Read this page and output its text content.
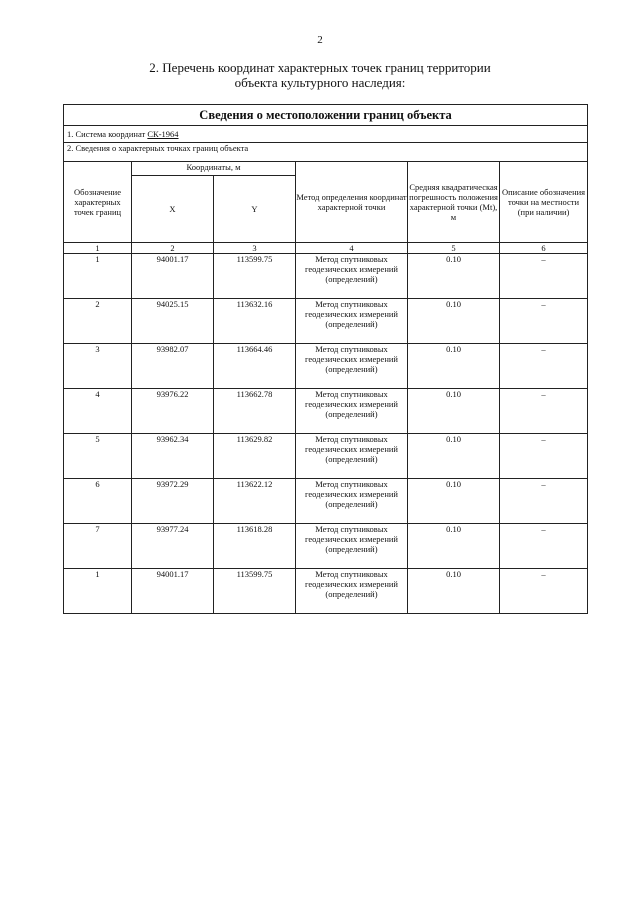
2
2. Перечень координат характерных точек границ территории
объекта культурного наследия:
Сведения о местоположении границ объекта					
1. Система координат СК-1964					
2. Сведения о характерных точках границ объекта					
Обозначение характерных точек границ	Координаты, м		Метод определения координат характерной точки	Средняя квадратическая погрешность положения характерной точки (Мt), м	Описание обозначения точки на местности (при наличии)
	X	Y			
1	2	3	4	5	6
1	94001.17	113599.75	Метод спутниковых геодезических измерений (определений)	0.10	–
2	94025.15	113632.16	Метод спутниковых геодезических измерений (определений)	0.10	–
3	93982.07	113664.46	Метод спутниковых геодезических измерений (определений)	0.10	–
4	93976.22	113662.78	Метод спутниковых геодезических измерений (определений)	0.10	–
5	93962.34	113629.82	Метод спутниковых геодезических измерений (определений)	0.10	–
6	93972.29	113622.12	Метод спутниковых геодезических измерений (определений)	0.10	–
7	93977.24	113618.28	Метод спутниковых геодезических измерений (определений)	0.10	–
1	94001.17	113599.75	Метод спутниковых геодезических измерений (определений)	0.10	–
